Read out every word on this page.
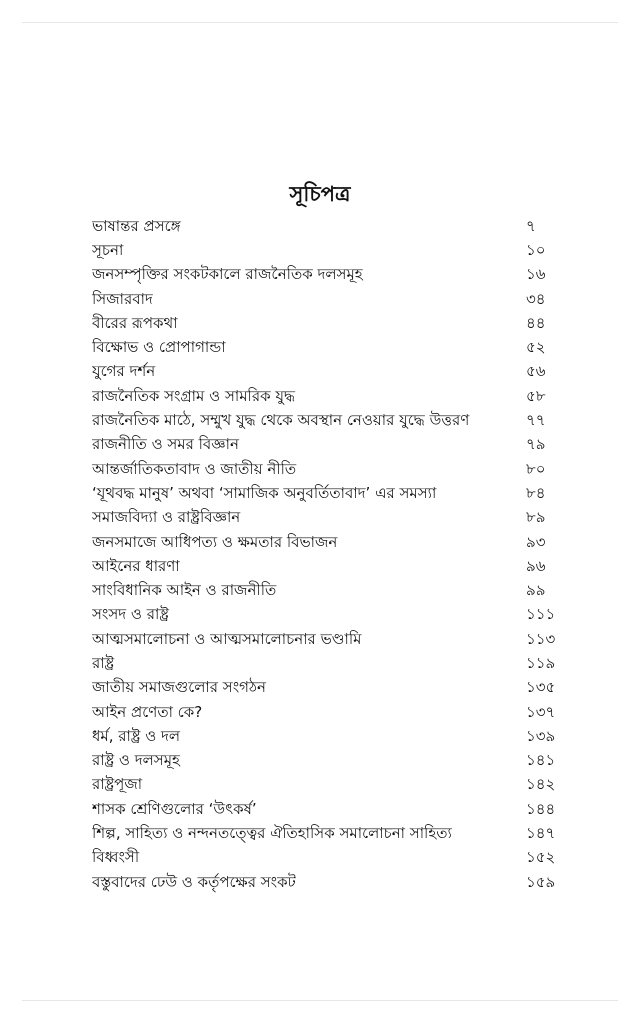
সূচিপত্র
ভাষান্তর প্রসঙ্গে	৭
সূচনা	১০
জনসম্পৃক্তির সংকটকালে রাজনৈতিক দলসমূহ	১৬
সিজারবাদ	৩৪
বীরের রূপকথা	৪৪
বিক্ষোভ ও প্রোপাগান্ডা	৫২
যুগের দর্শন	৫৬
রাজনৈতিক সংগ্রাম ও সামরিক যুদ্ধ	৫৮
রাজনৈতিক মাঠে, সম্মুখ যুদ্ধ থেকে অবস্থান নেওয়ার যুদ্ধে উত্তরণ	৭৭
রাজনীতি ও সমর বিজ্ঞান	৭৯
আন্তর্জাতিকতাবাদ ও জাতীয় নীতি	৮০
‘যূথবদ্ধ মানুষ’ অথবা ‘সামাজিক অনুবর্তিতাবাদ’ এর সমস্যা	৮৪
সমাজবিদ্যা ও রাষ্ট্রবিজ্ঞান	৮৯
জনসমাজে আধিপত্য ও ক্ষমতার বিভাজন	৯৩
আইনের ধারণা	৯৬
সাংবিধানিক আইন ও রাজনীতি	৯৯
সংসদ ও রাষ্ট্র	১১১
আত্মসমালোচনা ও আত্মসমালোচনার ভণ্ডামি	১১৩
রাষ্ট্র	১১৯
জাতীয় সমাজগুলোর সংগঠন	১৩৫
আইন প্রণেতা কে?	১৩৭
ধর্ম, রাষ্ট্র ও দল	১৩৯
রাষ্ট্র ও দলসমূহ	১৪১
রাষ্ট্রপূজা	১৪২
শাসক শ্রেণিগুলোর ‘উৎকর্ষ’	১৪৪
শিল্প, সাহিত্য ও নন্দনতত্ত্বের ঐতিহাসিক সমালোচনা সাহিত্য	১৪৭
বিধ্বংসী	১৫২
বস্তুবাদের ঢেউ ও কর্তৃপক্ষের সংকট	১৫৯
